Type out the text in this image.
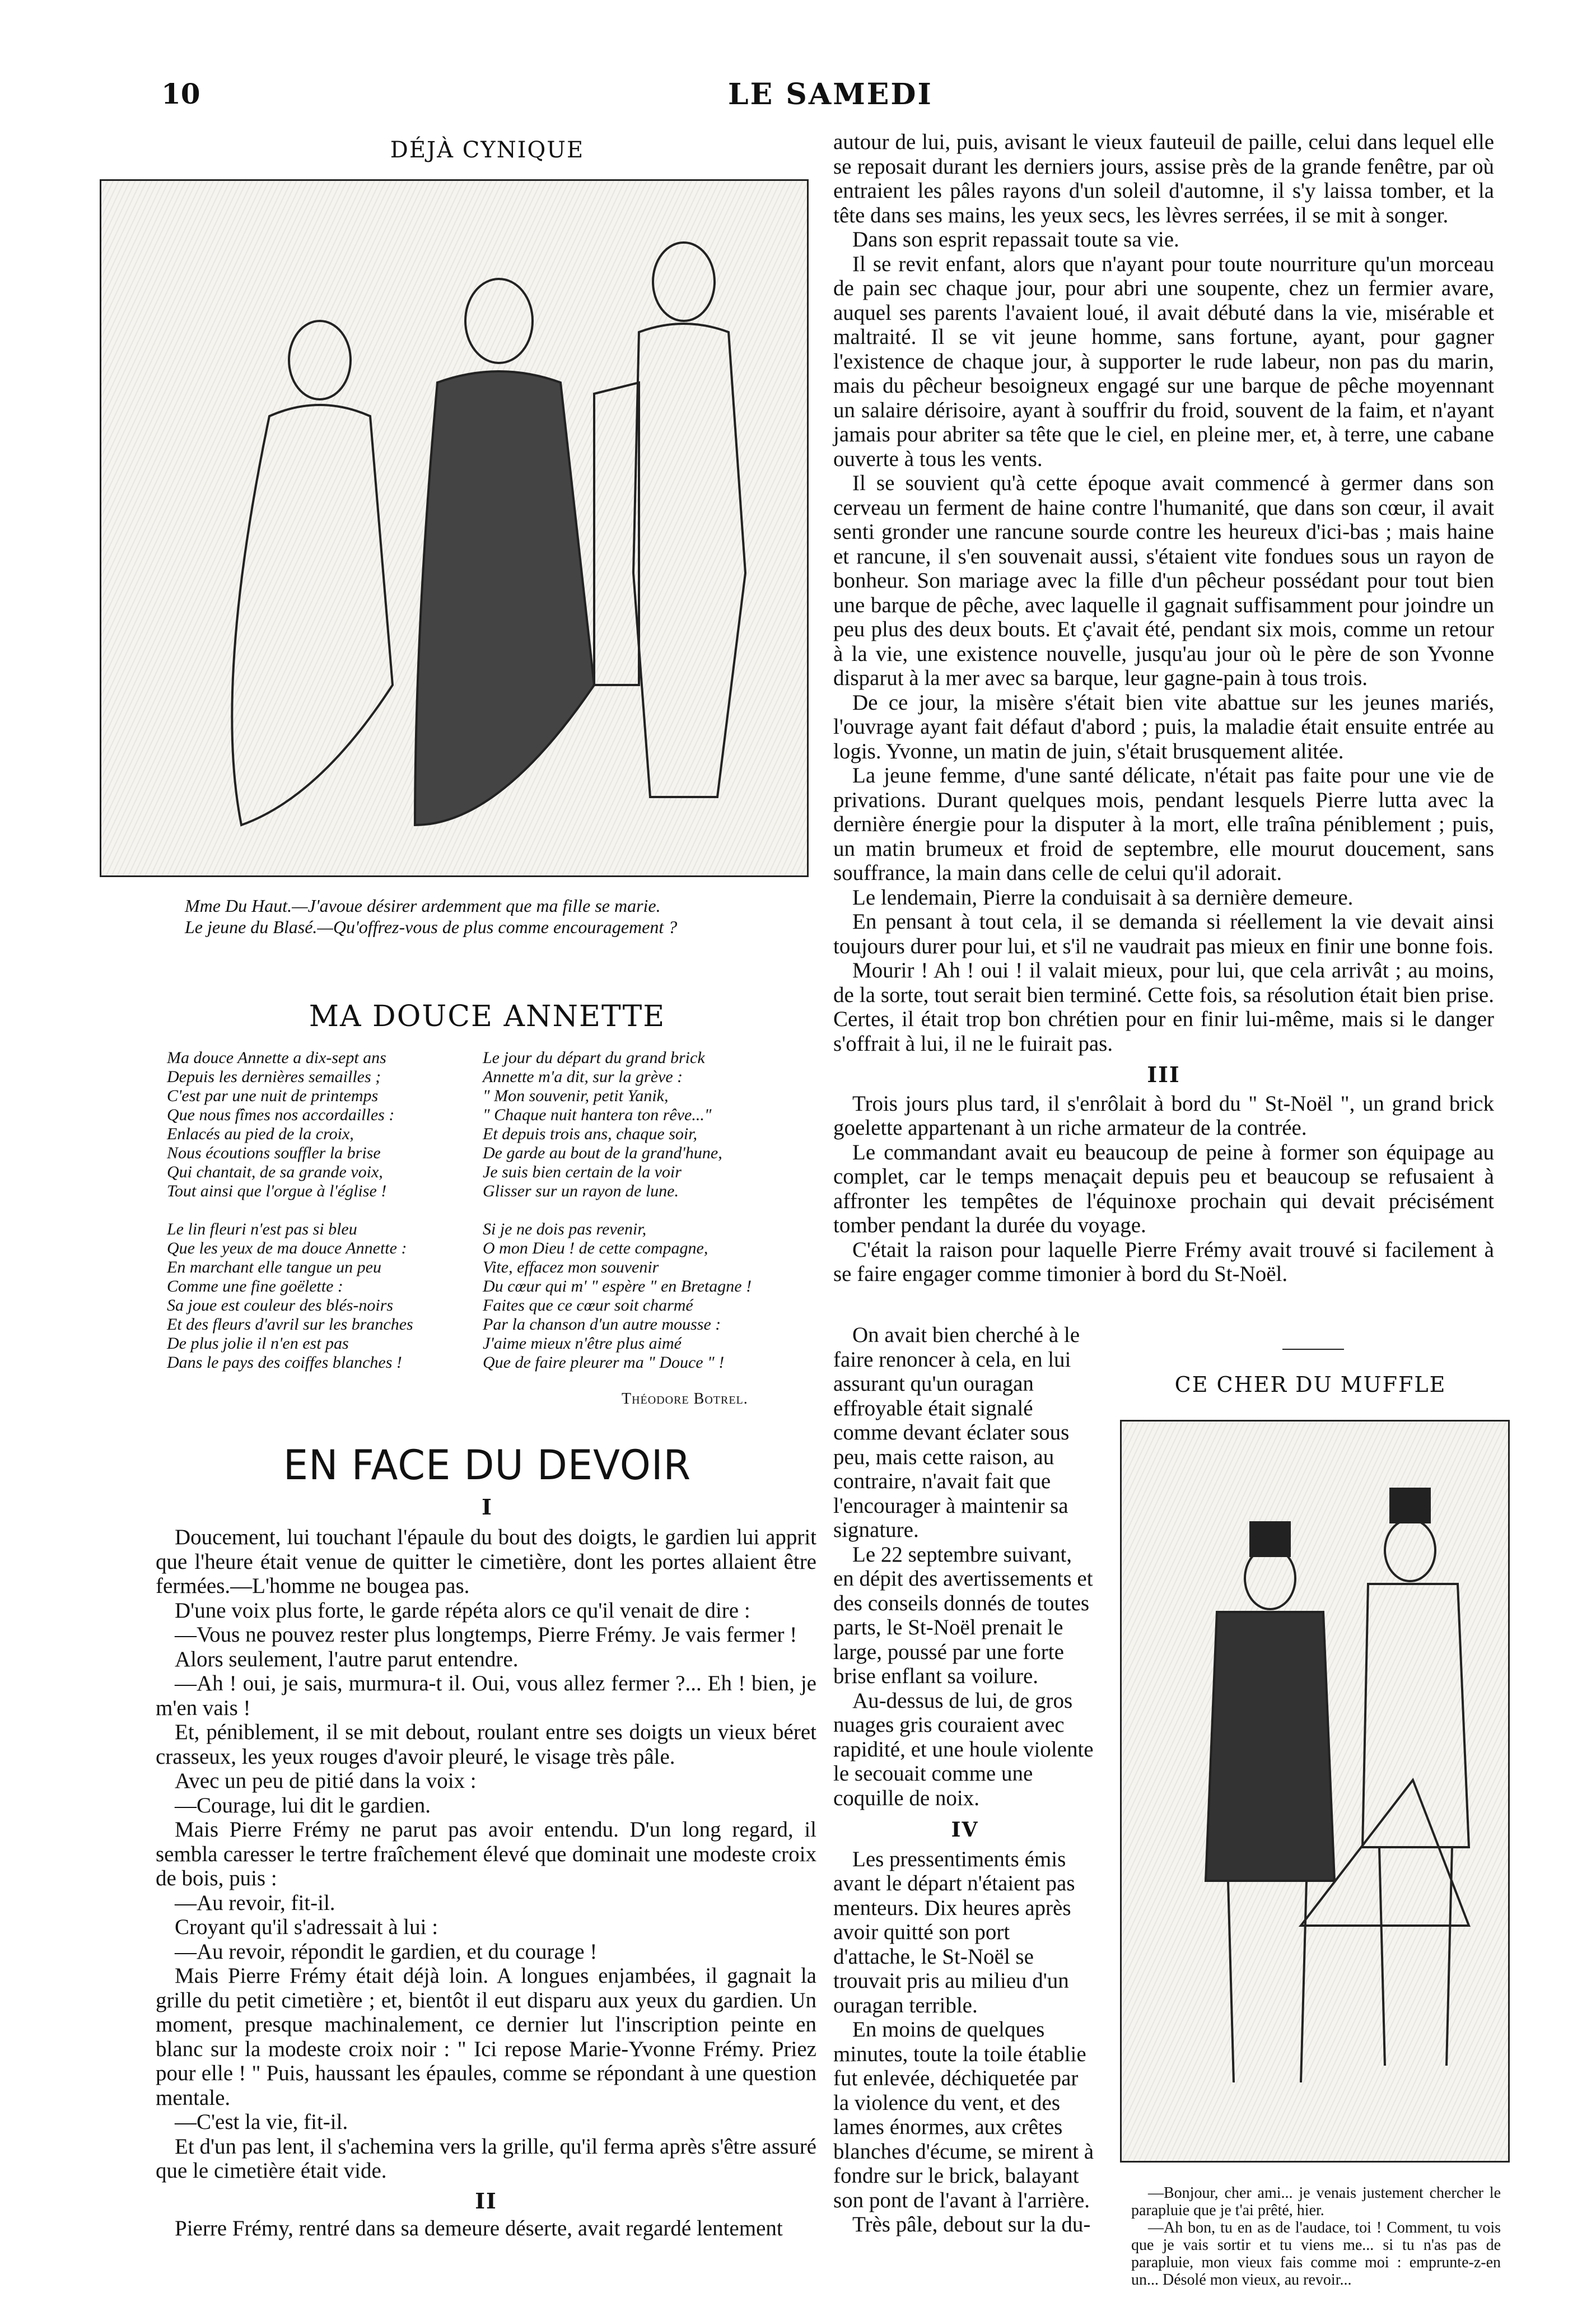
10	LE SAMEDI
DÉJÀ CYNIQUE
Mme Du Haut.—J'avoue désirer ardemment que ma fille se marie.
Le jeune du Blasé.—Qu'offrez-vous de plus comme encouragement ?
MA DOUCE ANNETTE
Ma douce Annette a dix-sept ans
Depuis les dernières semailles ;
C'est par une nuit de printemps
Que nous fîmes nos accordailles :
Enlacés au pied de la croix,
Nous écoutions souffler la brise
Qui chantait, de sa grande voix,
Tout ainsi que l'orgue à l'église !
Le lin fleuri n'est pas si bleu
Que les yeux de ma douce Annette :
En marchant elle tangue un peu
Comme une fine goëlette :
Sa joue est couleur des blés-noirs
Et des fleurs d'avril sur les branches
De plus jolie il n'en est pas
Dans le pays des coiffes blanches !
Le jour du départ du grand brick
Annette m'a dit, sur la grève :
" Mon souvenir, petit Yanik,
" Chaque nuit hantera ton rêve..."
Et depuis trois ans, chaque soir,
De garde au bout de la grand'hune,
Je suis bien certain de la voir
Glisser sur un rayon de lune.
Si je ne dois pas revenir,
O mon Dieu ! de cette compagne,
Vite, effacez mon souvenir
Du cœur qui m' " espère " en Bretagne !
Faites que ce cœur soit charmé
Par la chanson d'un autre mousse :
J'aime mieux n'être plus aimé
Que de faire pleurer ma " Douce " !
Théodore Botrel.
EN FACE DU DEVOIR
I

Doucement, lui touchant l'épaule du bout des doigts, le gardien lui apprit que l'heure était venue de quitter le cimetière, dont les portes allaient être fermées.—L'homme ne bougea pas.

D'une voix plus forte, le garde répéta alors ce qu'il venait de dire :

—Vous ne pouvez rester plus longtemps, Pierre Frémy. Je vais fermer !

Alors seulement, l'autre parut entendre.

—Ah ! oui, je sais, murmura-t il. Oui, vous allez fermer ?... Eh ! bien, je m'en vais !

Et, péniblement, il se mit debout, roulant entre ses doigts un vieux béret crasseux, les yeux rouges d'avoir pleuré, le visage très pâle.

Avec un peu de pitié dans la voix :

—Courage, lui dit le gardien.

Mais Pierre Frémy ne parut pas avoir entendu. D'un long regard, il sembla caresser le tertre fraîchement élevé que dominait une modeste croix de bois, puis :

—Au revoir, fit-il.

Croyant qu'il s'adressait à lui :

—Au revoir, répondit le gardien, et du courage !

Mais Pierre Frémy était déjà loin. A longues enjambées, il gagnait la grille du petit cimetière ; et, bientôt il eut disparu aux yeux du gardien. Un moment, presque machinalement, ce dernier lut l'inscription peinte en blanc sur la modeste croix noir : " Ici repose Marie-Yvonne Frémy. Priez pour elle ! " Puis, haussant les épaules, comme se répondant à une question mentale.

—C'est la vie, fit-il.

Et d'un pas lent, il s'achemina vers la grille, qu'il ferma après s'être assuré que le cimetière était vide.

II

Pierre Frémy, rentré dans sa demeure déserte, avait regardé lentement

autour de lui, puis, avisant le vieux fauteuil de paille, celui dans lequel elle se reposait durant les derniers jours, assise près de la grande fenêtre, par où entraient les pâles rayons d'un soleil d'automne, il s'y laissa tomber, et la tête dans ses mains, les yeux secs, les lèvres serrées, il se mit à songer.

Dans son esprit repassait toute sa vie.

Il se revit enfant, alors que n'ayant pour toute nourriture qu'un morceau de pain sec chaque jour, pour abri une soupente, chez un fermier avare, auquel ses parents l'avaient loué, il avait débuté dans la vie, misérable et maltraité. Il se vit jeune homme, sans fortune, ayant, pour gagner l'existence de chaque jour, à supporter le rude labeur, non pas du marin, mais du pêcheur besoigneux engagé sur une barque de pêche moyennant un salaire dérisoire, ayant à souffrir du froid, souvent de la faim, et n'ayant jamais pour abriter sa tête que le ciel, en pleine mer, et, à terre, une cabane ouverte à tous les vents.

Il se souvient qu'à cette époque avait commencé à germer dans son cerveau un ferment de haine contre l'humanité, que dans son cœur, il avait senti gronder une rancune sourde contre les heureux d'ici-bas ; mais haine et rancune, il s'en souvenait aussi, s'étaient vite fondues sous un rayon de bonheur. Son mariage avec la fille d'un pêcheur possédant pour tout bien une barque de pêche, avec laquelle il gagnait suffisamment pour joindre un peu plus des deux bouts. Et ç'avait été, pendant six mois, comme un retour à la vie, une existence nouvelle, jusqu'au jour où le père de son Yvonne disparut à la mer avec sa barque, leur gagne-pain à tous trois.

De ce jour, la misère s'était bien vite abattue sur les jeunes mariés, l'ouvrage ayant fait défaut d'abord ; puis, la maladie était ensuite entrée au logis. Yvonne, un matin de juin, s'était brusquement alitée.

La jeune femme, d'une santé délicate, n'était pas faite pour une vie de privations. Durant quelques mois, pendant lesquels Pierre lutta avec la dernière énergie pour la disputer à la mort, elle traîna péniblement ; puis, un matin brumeux et froid de septembre, elle mourut doucement, sans souffrance, la main dans celle de celui qu'il adorait.

Le lendemain, Pierre la conduisait à sa dernière demeure.

En pensant à tout cela, il se demanda si réellement la vie devait ainsi toujours durer pour lui, et s'il ne vaudrait pas mieux en finir une bonne fois.

Mourir ! Ah ! oui ! il valait mieux, pour lui, que cela arrivât ; au moins, de la sorte, tout serait bien terminé. Cette fois, sa résolution était bien prise. Certes, il était trop bon chrétien pour en finir lui-même, mais si le danger s'offrait à lui, il ne le fuirait pas.

III

Trois jours plus tard, il s'enrôlait à bord du " St-Noël ", un grand brick goelette appartenant à un riche armateur de la contrée.

Le commandant avait eu beaucoup de peine à former son équipage au complet, car le temps menaçait depuis peu et beaucoup se refusaient à affronter les tempêtes de l'équinoxe prochain qui devait précisément tomber pendant la durée du voyage.

C'était la raison pour laquelle Pierre Frémy avait trouvé si facilement à se faire engager comme timonier à bord du St-Noël.

On avait bien cherché à le faire renoncer à cela, en lui assurant qu'un ouragan effroyable était signalé comme devant éclater sous peu, mais cette raison, au contraire, n'avait fait que l'encourager à maintenir sa signature.

Le 22 septembre suivant, en dépit des avertissements et des conseils donnés de toutes parts, le St-Noël prenait le large, poussé par une forte brise enflant sa voilure.

Au-dessus de lui, de gros nuages gris couraient avec rapidité, et une houle violente le secouait comme une coquille de noix.

IV

Les pressentiments émis avant le départ n'étaient pas menteurs. Dix heures après avoir quitté son port d'attache, le St-Noël se trouvait pris au milieu d'un ouragan terrible.

En moins de quelques minutes, toute la toile établie fut enlevée, déchiquetée par la violence du vent, et des lames énormes, aux crêtes blanches d'écume, se mirent à fondre sur le brick, balayant son pont de l'avant à l'arrière.

Très pâle, debout sur la du-

CE CHER DU MUFFLE
—Bonjour, cher ami... je venais justement chercher le parapluie que je t'ai prêté, hier.
—Ah bon, tu en as de l'audace, toi ! Comment, tu vois que je vais sortir et tu viens me... si tu n'as pas de parapluie, mon vieux fais comme moi : emprunte-z-en un... Désolé mon vieux, au revoir...
